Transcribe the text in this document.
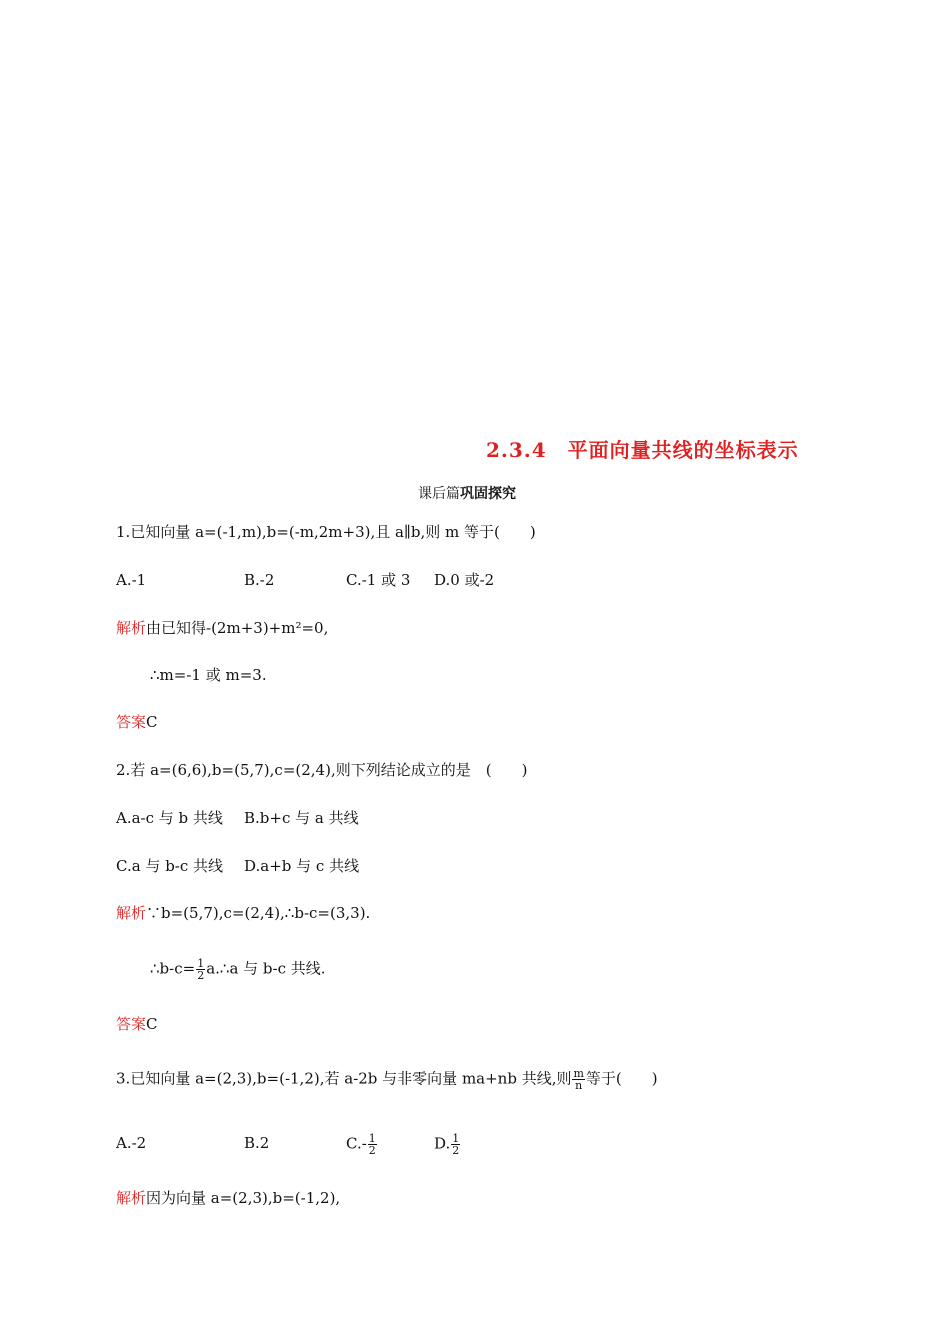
2.3.4　平面向量共线的坐标表示
课后篇巩固探究
1.已知向量 a=(-1,m),b=(-m,2m+3),且 a∥b,则 m 等于(　　)
A.-1	B.-2	C.-1 或 3 D.0 或-2
解析由已知得-(2m+3)+m²=0,
∴m=-1 或 m=3.
答案C
2.若 a=(6,6),b=(5,7),c=(2,4),则下列结论成立的是　(　　)
A.a-c 与 b 共线 B.b+c 与 a 共线
C.a 与 b-c 共线 D.a+b 与 c 共线
解析∵b=(5,7),c=(2,4),∴b-c=(3,3).
∴b-c= $\frac{1}{2}$ a.∴a 与 b-c 共线.
答案C
3.已知向量 a=(2,3),b=(-1,2),若 a-2b 与非零向量 ma+nb 共线,则 $\frac{m}{n}$ 等于(　　)
A.-2	B.2	$C.- \frac{1}{2}$	D. $\frac{1}{2}$
解析因为向量 a=(2,3),b=(-1,2),
